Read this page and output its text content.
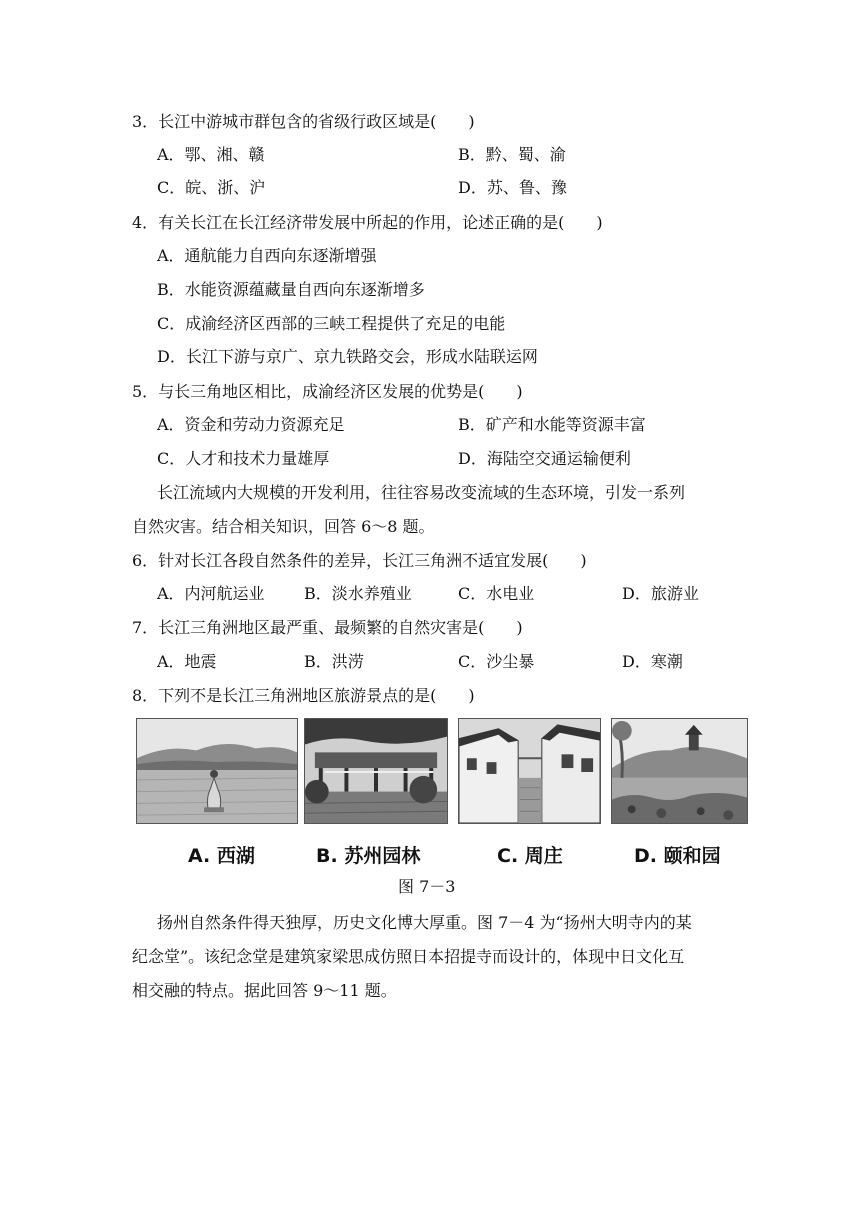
3．长江中游城市群包含的省级行政区域是(　　)
A．鄂、湘、赣	B．黔、蜀、渝
C．皖、浙、沪	D．苏、鲁、豫
4．有关长江在长江经济带发展中所起的作用，论述正确的是(　　)
A．通航能力自西向东逐渐增强
B．水能资源蕴藏量自西向东逐渐增多
C．成渝经济区西部的三峡工程提供了充足的电能
D．长江下游与京广、京九铁路交会，形成水陆联运网
5．与长三角地区相比，成渝经济区发展的优势是(　　)
A．资金和劳动力资源充足	B．矿产和水能等资源丰富
C．人才和技术力量雄厚	D．海陆空交通运输便利
长江流域内大规模的开发利用，往往容易改变流域的生态环境，引发一系列
自然灾害。结合相关知识，回答 6～8 题。
6．针对长江各段自然条件的差异，长江三角洲不适宜发展(　　)
A．内河航运业 B．淡水养殖业	C．水电业	D．旅游业
7．长江三角洲地区最严重、最频繁的自然灾害是(　　)
A．地震	B．洪涝	C．沙尘暴	D．寒潮
8．下列不是长江三角洲地区旅游景点的是(　　)
A. 西湖	B. 苏州园林	C. 周庄	D. 颐和园
图 7－3
扬州自然条件得天独厚，历史文化博大厚重。图 7－4 为“扬州大明寺内的某
纪念堂”。该纪念堂是建筑家梁思成仿照日本招提寺而设计的，体现中日文化互
相交融的特点。据此回答 9～11 题。
